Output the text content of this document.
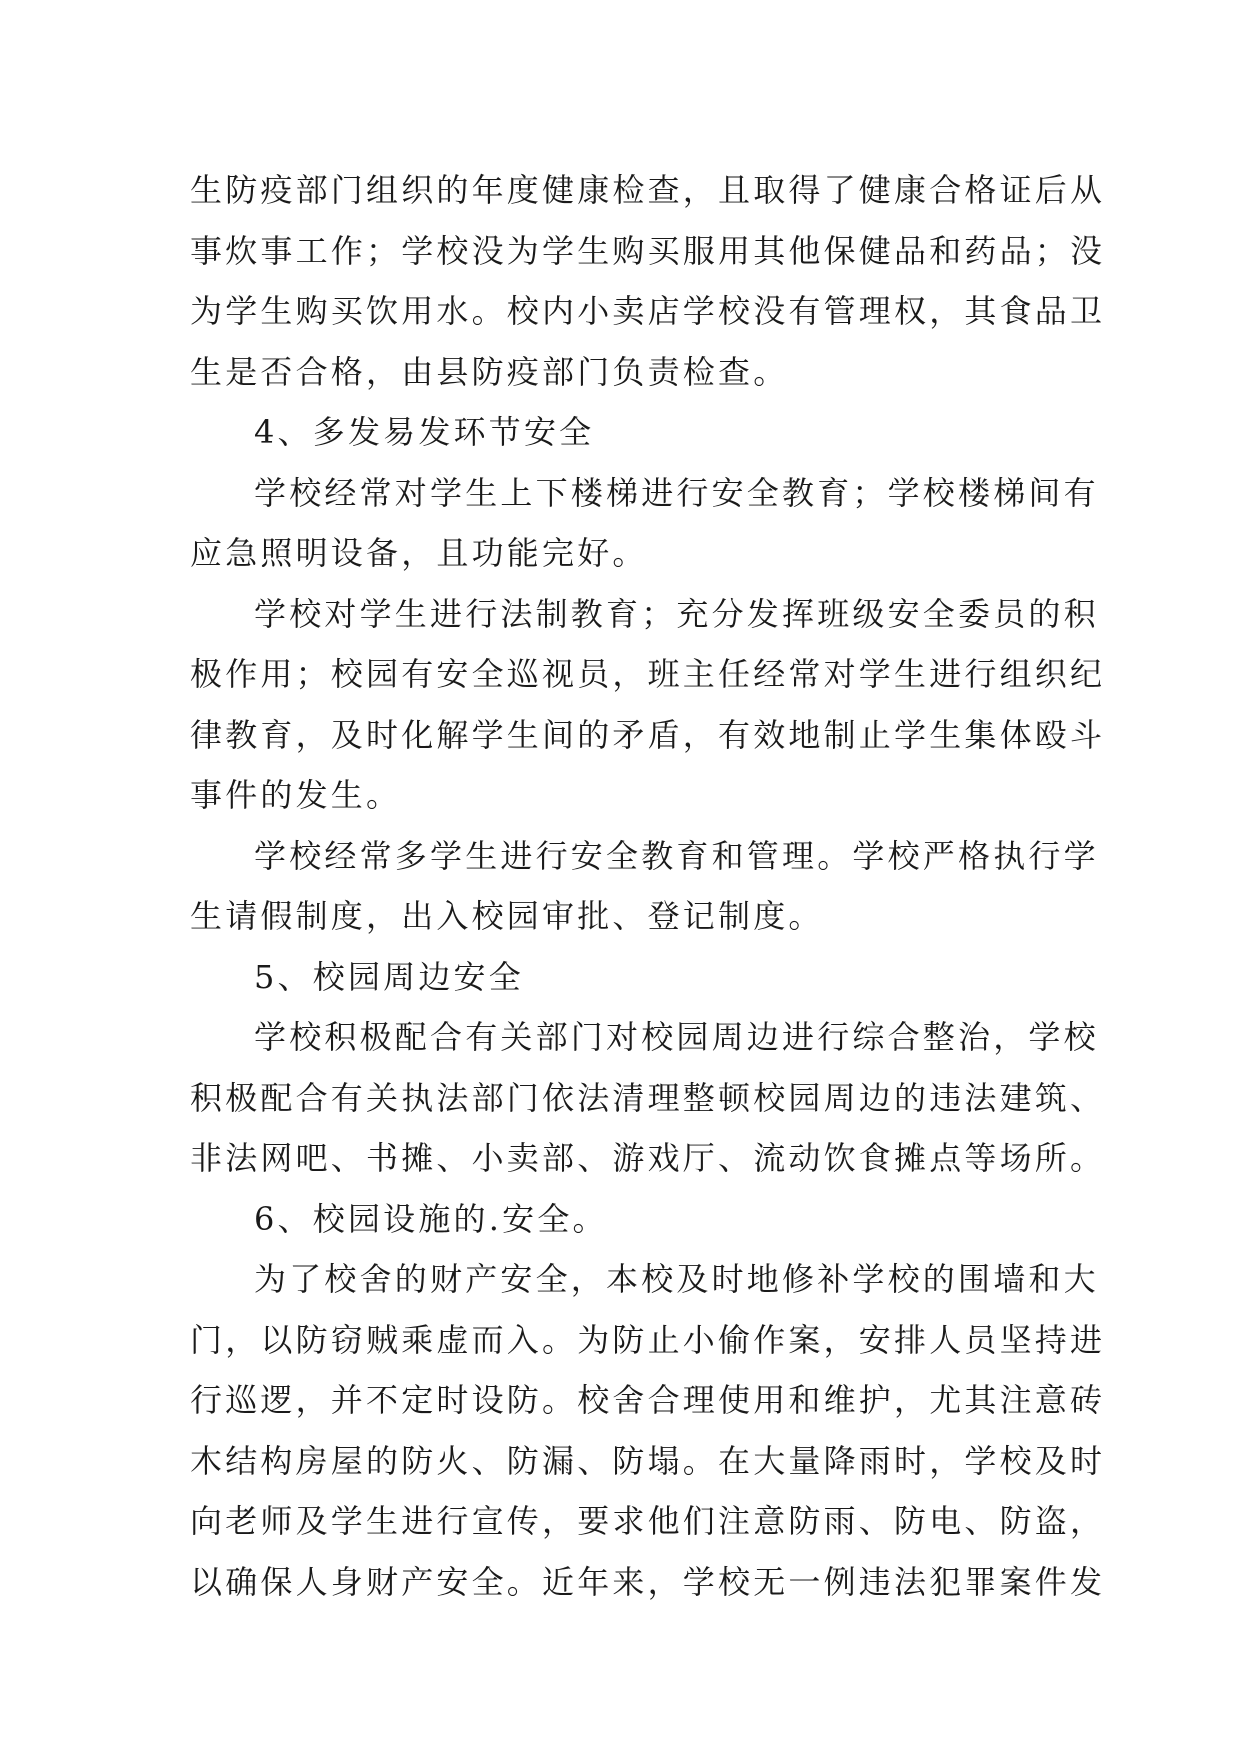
生防疫部门组织的年度健康检查，且取得了健康合格证后从
事炊事工作；学校没为学生购买服用其他保健品和药品；没
为学生购买饮用水。校内小卖店学校没有管理权，其食品卫
生是否合格，由县防疫部门负责检查。
4、多发易发环节安全
学校经常对学生上下楼梯进行安全教育；学校楼梯间有
应急照明设备，且功能完好。
学校对学生进行法制教育；充分发挥班级安全委员的积
极作用；校园有安全巡视员，班主任经常对学生进行组织纪
律教育，及时化解学生间的矛盾，有效地制止学生集体殴斗
事件的发生。
学校经常多学生进行安全教育和管理。学校严格执行学
生请假制度，出入校园审批、登记制度。
5、校园周边安全
学校积极配合有关部门对校园周边进行综合整治，学校
积极配合有关执法部门依法清理整顿校园周边的违法建筑、
非法网吧、书摊、小卖部、游戏厅、流动饮食摊点等场所。
6、校园设施的.安全。
为了校舍的财产安全，本校及时地修补学校的围墙和大
门，以防窃贼乘虚而入。为防止小偷作案，安排人员坚持进
行巡逻，并不定时设防。校舍合理使用和维护，尤其注意砖
木结构房屋的防火、防漏、防塌。在大量降雨时，学校及时
向老师及学生进行宣传，要求他们注意防雨、防电、防盗，
以确保人身财产安全。近年来，学校无一例违法犯罪案件发
